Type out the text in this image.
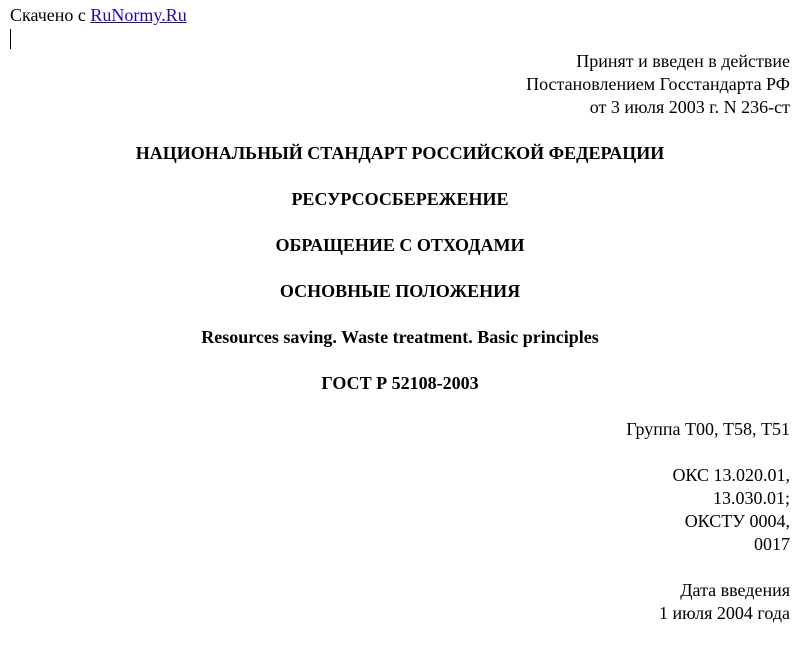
Скачено с RuNormy.Ru
Принят и введен в действие
Постановлением Госстандарта РФ
от 3 июля 2003 г. N 236-ст
НАЦИОНАЛЬНЫЙ СТАНДАРТ РОССИЙСКОЙ ФЕДЕРАЦИИ
РЕСУРСОСБЕРЕЖЕНИЕ
ОБРАЩЕНИЕ С ОТХОДАМИ
ОСНОВНЫЕ ПОЛОЖЕНИЯ
Resources saving. Waste treatment. Basic principles
ГОСТ Р 52108-2003
Группа Т00, Т58, Т51
ОКС 13.020.01,
13.030.01;
ОКСТУ 0004,
0017
Дата введения
1 июля 2004 года
